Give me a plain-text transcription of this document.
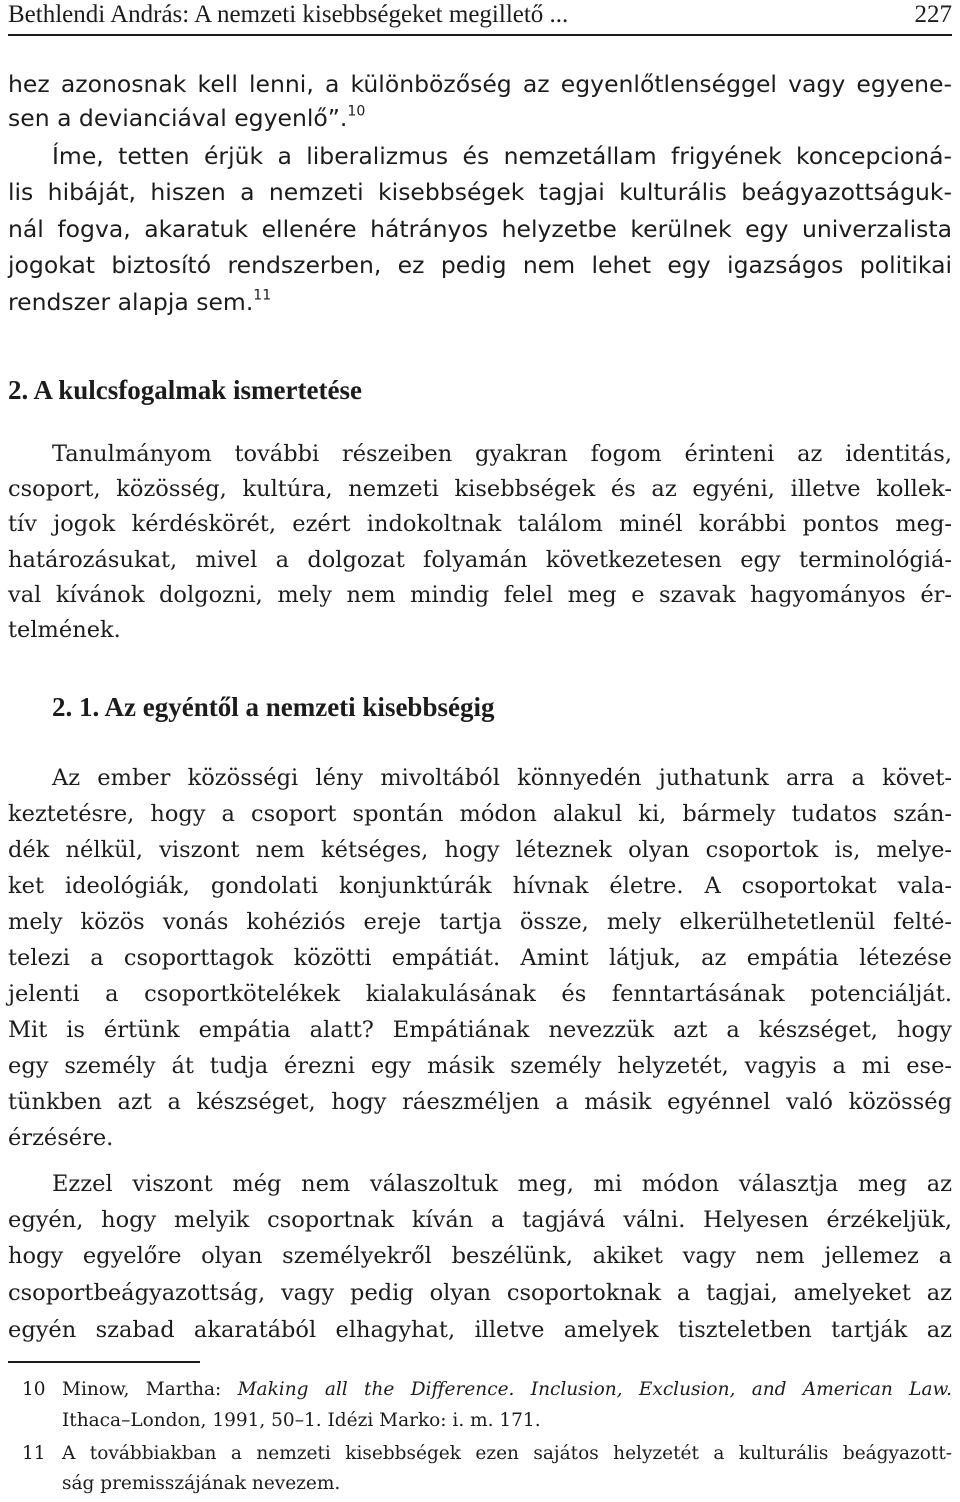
Bethlendi András: A nemzeti kisebbségeket megillető ...	227
hez azonosnak kell lenni, a különbözőség az egyenlőtlenséggel vagy egyene-
sen a devianciával egyenlő”.$^{10}$
Íme, tetten érjük a liberalizmus és nemzetállam frigyének koncepcioná-
lis hibáját, hiszen a nemzeti kisebbségek tagjai kulturális beágyazottságuk-
nál fogva, akaratuk ellenére hátrányos helyzetbe kerülnek egy univerzalista
jogokat biztosító rendszerben, ez pedig nem lehet egy igazságos politikai
rendszer alapja sem.$^{11}$
2. A kulcsfogalmak ismertetése
Tanulmányom további részeiben gyakran fogom érinteni az identitás,
csoport, közösség, kultúra, nemzeti kisebbségek és az egyéni, illetve kollek-
tív jogok kérdéskörét, ezért indokoltnak találom minél korábbi pontos meg-
határozásukat, mivel a dolgozat folyamán következetesen egy terminológiá-
val kívánok dolgozni, mely nem mindig felel meg e szavak hagyományos ér-
telmének.
2. 1. Az egyéntől a nemzeti kisebbségig
Az ember közösségi lény mivoltából könnyedén juthatunk arra a követ-
keztetésre, hogy a csoport spontán módon alakul ki, bármely tudatos szán-
dék nélkül, viszont nem kétséges, hogy léteznek olyan csoportok is, melye-
ket ideológiák, gondolati konjunktúrák hívnak életre. A csoportokat vala-
mely közös vonás kohéziós ereje tartja össze, mely elkerülhetetlenül felté-
telezi a csoporttagok közötti empátiát. Amint látjuk, az empátia létezése
jelenti a csoportkötelékek kialakulásának és fenntartásának potenciálját.
Mit is értünk empátia alatt? Empátiának nevezzük azt a készséget, hogy
egy személy át tudja érezni egy másik személy helyzetét, vagyis a mi ese-
tünkben azt a készséget, hogy ráeszméljen a másik egyénnel való közösség
érzésére.
Ezzel viszont még nem válaszoltuk meg, mi módon választja meg az
egyén, hogy melyik csoportnak kíván a tagjává válni. Helyesen érzékeljük,
hogy egyelőre olyan személyekről beszélünk, akiket vagy nem jellemez a
csoportbeágyazottság, vagy pedig olyan csoportoknak a tagjai, amelyeket az
egyén szabad akaratából elhagyhat, illetve amelyek tiszteletben tartják az
10 Minow, Martha: Making all the Difference. Inclusion, Exclusion, and American Law.
Ithaca–London, 1991, 50–1. Idézi Marko: i. m. 171.
11 A továbbiakban a nemzeti kisebbségek ezen sajátos helyzetét a kulturális beágyazott-
ság premisszájának nevezem.
